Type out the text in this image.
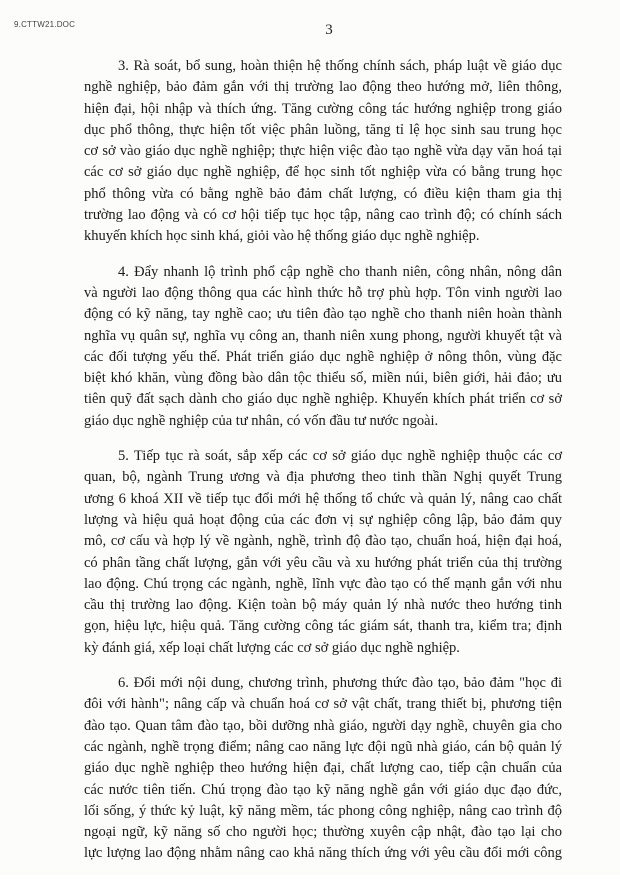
9.CTTW21.DOC	3
3. Rà soát, bổ sung, hoàn thiện hệ thống chính sách, pháp luật về giáo dục
nghề nghiệp, bảo đảm gắn với thị trường lao động theo hướng mở, liên thông,
hiện đại, hội nhập và thích ứng. Tăng cường công tác hướng nghiệp trong giáo
dục phổ thông, thực hiện tốt việc phân luồng, tăng tỉ lệ học sinh sau trung học
cơ sở vào giáo dục nghề nghiệp; thực hiện việc đào tạo nghề vừa dạy văn hoá tại
các cơ sở giáo dục nghề nghiệp, để học sinh tốt nghiệp vừa có bằng trung học
phổ thông vừa có bằng nghề bảo đảm chất lượng, có điều kiện tham gia thị
trường lao động và có cơ hội tiếp tục học tập, nâng cao trình độ; có chính sách
khuyến khích học sinh khá, giỏi vào hệ thống giáo dục nghề nghiệp.
4. Đẩy nhanh lộ trình phổ cập nghề cho thanh niên, công nhân, nông dân
và người lao động thông qua các hình thức hỗ trợ phù hợp. Tôn vinh người lao
động có kỹ năng, tay nghề cao; ưu tiên đào tạo nghề cho thanh niên hoàn thành
nghĩa vụ quân sự, nghĩa vụ công an, thanh niên xung phong, người khuyết tật và
các đối tượng yếu thế. Phát triển giáo dục nghề nghiệp ở nông thôn, vùng đặc
biệt khó khăn, vùng đồng bào dân tộc thiểu số, miền núi, biên giới, hải đảo; ưu
tiên quỹ đất sạch dành cho giáo dục nghề nghiệp. Khuyến khích phát triển cơ sở
giáo dục nghề nghiệp của tư nhân, có vốn đầu tư nước ngoài.
5. Tiếp tục rà soát, sắp xếp các cơ sở giáo dục nghề nghiệp thuộc các cơ
quan, bộ, ngành Trung ương và địa phương theo tinh thần Nghị quyết Trung
ương 6 khoá XII về tiếp tục đổi mới hệ thống tổ chức và quản lý, nâng cao chất
lượng và hiệu quả hoạt động của các đơn vị sự nghiệp công lập, bảo đảm quy
mô, cơ cấu và hợp lý về ngành, nghề, trình độ đào tạo, chuẩn hoá, hiện đại hoá,
có phân tầng chất lượng, gắn với yêu cầu và xu hướng phát triển của thị trường
lao động. Chú trọng các ngành, nghề, lĩnh vực đào tạo có thế mạnh gắn với nhu
cầu thị trường lao động. Kiện toàn bộ máy quản lý nhà nước theo hướng tinh
gọn, hiệu lực, hiệu quả. Tăng cường công tác giám sát, thanh tra, kiểm tra; định
kỳ đánh giá, xếp loại chất lượng các cơ sở giáo dục nghề nghiệp.
6. Đổi mới nội dung, chương trình, phương thức đào tạo, bảo đảm "học đi
đôi với hành"; nâng cấp và chuẩn hoá cơ sở vật chất, trang thiết bị, phương tiện
đào tạo. Quan tâm đào tạo, bồi dưỡng nhà giáo, người dạy nghề, chuyên gia cho
các ngành, nghề trọng điểm; nâng cao năng lực đội ngũ nhà giáo, cán bộ quản lý
giáo dục nghề nghiệp theo hướng hiện đại, chất lượng cao, tiếp cận chuẩn của
các nước tiên tiến. Chú trọng đào tạo kỹ năng nghề gắn với giáo dục đạo đức,
lối sống, ý thức kỷ luật, kỹ năng mềm, tác phong công nghiệp, nâng cao trình độ
ngoại ngữ, kỹ năng số cho người học; thường xuyên cập nhật, đào tạo lại cho
lực lượng lao động nhằm nâng cao khả năng thích ứng với yêu cầu đổi mới công
